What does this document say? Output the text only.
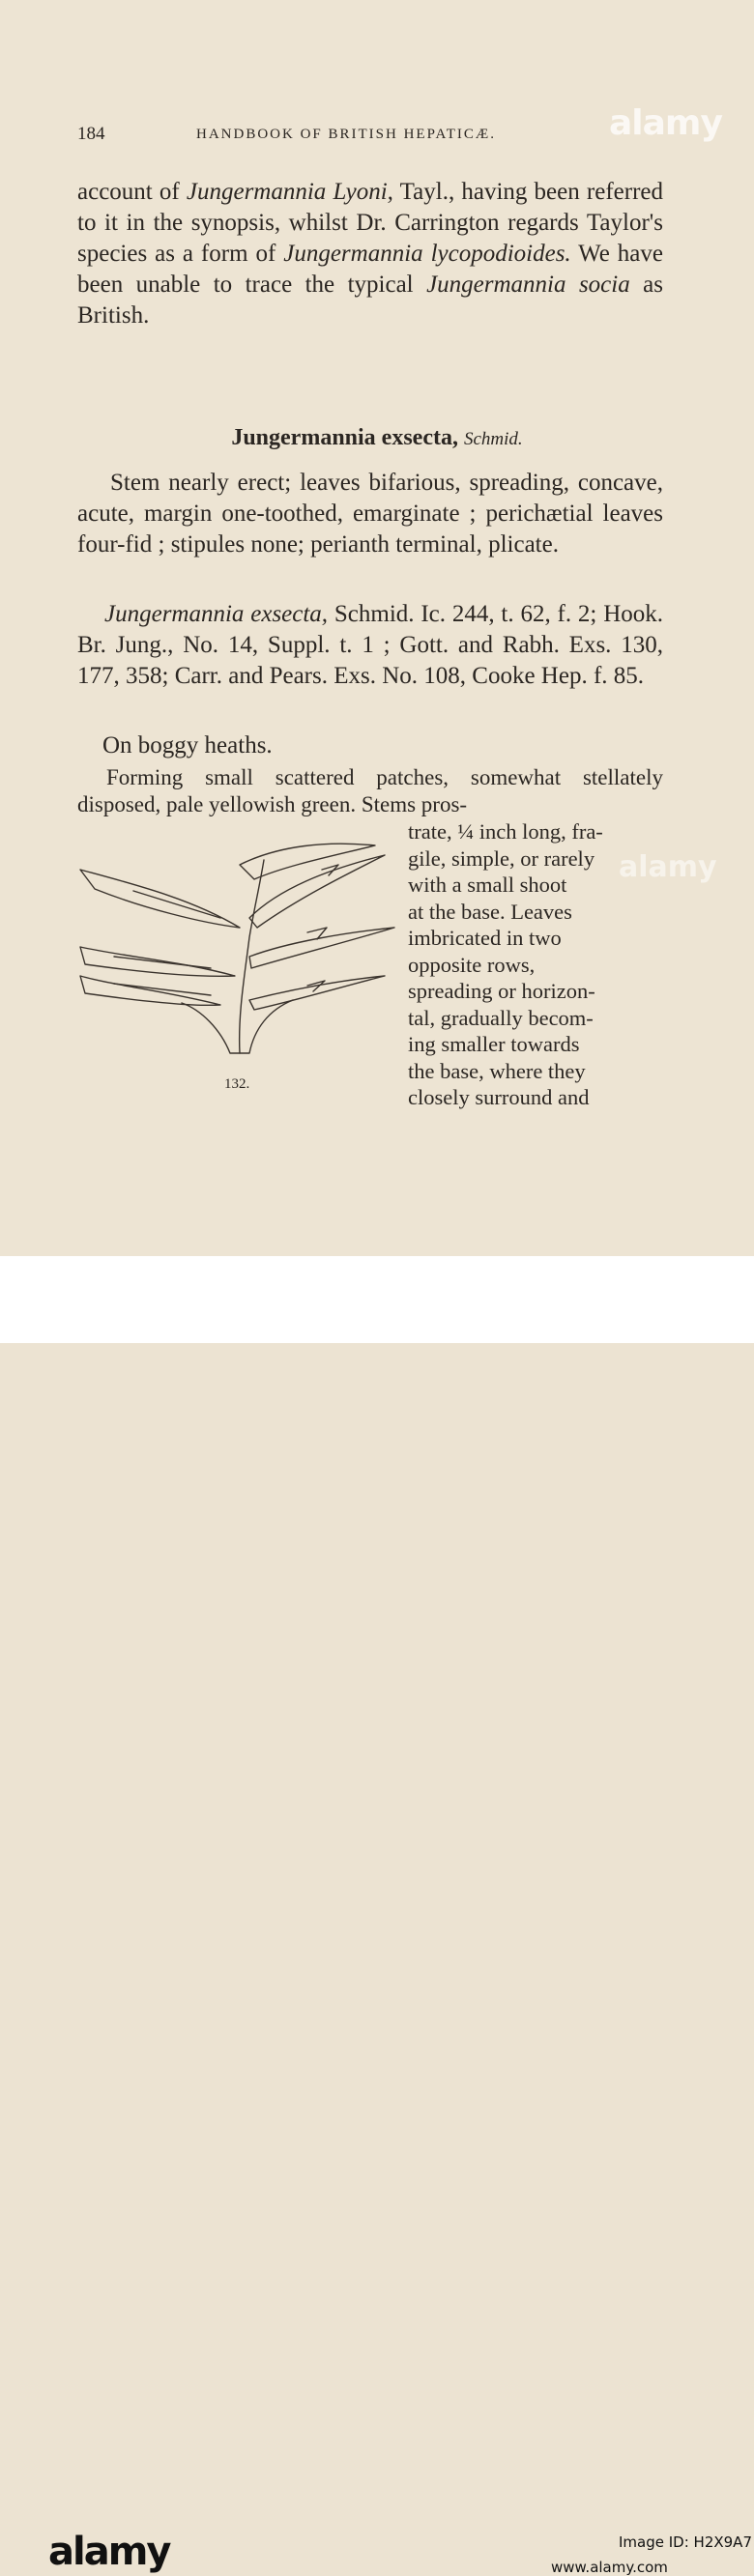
alamy
alamy
184	HANDBOOK OF BRITISH HEPATICÆ.
account of Jungermannia Lyoni, Tayl., having been referred to it in the synopsis, whilst Dr. Carrington regards Taylor's species as a form of Jungermannia lycopodioides. We have been unable to trace the typical Jungermannia socia as British.
Jungermannia exsecta, Schmid.
Stem nearly erect; leaves bifarious, spreading, concave, acute, margin one-toothed, emarginate ; perichætial leaves four-fid ; stipules none; perianth terminal, plicate.
Jungermannia exsecta, Schmid. Ic. 244, t. 62, f. 2; Hook. Br. Jung., No. 14, Suppl. t. 1 ; Gott. and Rabh. Exs. 130, 177, 358; Carr. and Pears. Exs. No. 108, Cooke Hep. f. 85.
On boggy heaths.
Forming small scattered patches, somewhat stellately disposed, pale yellowish green. Stems pros-
trate, ¼ inch long, fra-
gile, simple, or rarely
with a small shoot
at the base. Leaves
imbricated in two
opposite rows,
spreading or horizon-
tal, gradually becom-
ing smaller towards
the base, where they
closely surround and
132.
alamy	Image ID: H2X9A7
www.alamy.com
